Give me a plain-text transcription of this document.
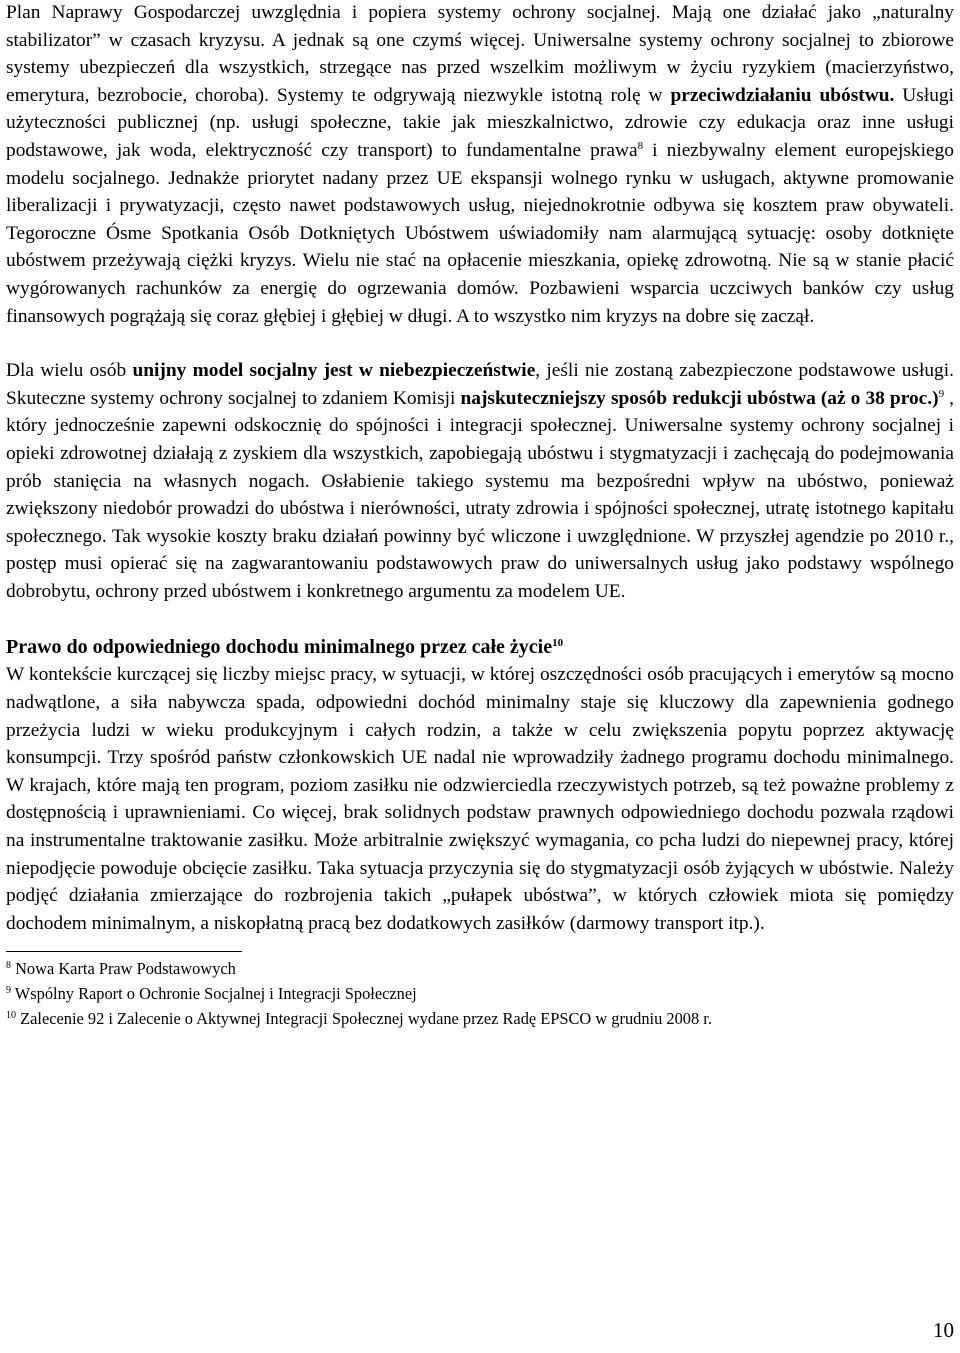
Plan Naprawy Gospodarczej uwzględnia i popiera systemy ochrony socjalnej. Mają one działać jako „naturalny stabilizator” w czasach kryzysu. A jednak są one czymś więcej. Uniwersalne systemy ochrony socjalnej to zbiorowe systemy ubezpieczeń dla wszystkich, strzegące nas przed wszelkim możliwym w życiu ryzykiem (macierzyństwo, emerytura, bezrobocie, choroba). Systemy te odgrywają niezwykle istotną rolę w przeciwdziałaniu ubóstwu. Usługi użyteczności publicznej (np. usługi społeczne, takie jak mieszkalnictwo, zdrowie czy edukacja oraz inne usługi podstawowe, jak woda, elektryczność czy transport) to fundamentalne prawa$^8$ i niezbywalny element europejskiego modelu socjalnego. Jednakże priorytet nadany przez UE ekspansji wolnego rynku w usługach, aktywne promowanie liberalizacji i prywatyzacji, często nawet podstawowych usług, niejednokrotnie odbywa się kosztem praw obywateli. Tegoroczne Ósme Spotkania Osób Dotkniętych Ubóstwem uświadomiły nam alarmującą sytuację: osoby dotknięte ubóstwem przeżywają ciężki kryzys. Wielu nie stać na opłacenie mieszkania, opiekę zdrowotną. Nie są w stanie płacić wygórowanych rachunków za energię do ogrzewania domów. Pozbawieni wsparcia uczciwych banków czy usług finansowych pogrążają się coraz głębiej i głębiej w długi. A to wszystko nim kryzys na dobre się zaczął.

Dla wielu osób unijny model socjalny jest w niebezpieczeństwie, jeśli nie zostaną zabezpieczone podstawowe usługi. Skuteczne systemy ochrony socjalnej to zdaniem Komisji najskuteczniejszy sposób redukcji ubóstwa (aż o 38 proc.)$^9$ , który jednocześnie zapewni odskocznię do spójności i integracji społecznej. Uniwersalne systemy ochrony socjalnej i opieki zdrowotnej działają z zyskiem dla wszystkich, zapobiegają ubóstwu i stygmatyzacji i zachęcają do podejmowania prób stanięcia na własnych nogach. Osłabienie takiego systemu ma bezpośredni wpływ na ubóstwo, ponieważ zwiększony niedobór prowadzi do ubóstwa i nierówności, utraty zdrowia i spójności społecznej, utratę istotnego kapitału społecznego. Tak wysokie koszty braku działań powinny być wliczone i uwzględnione. W przyszłej agendzie po 2010 r., postęp musi opierać się na zagwarantowaniu podstawowych praw do uniwersalnych usług jako podstawy wspólnego dobrobytu, ochrony przed ubóstwem i konkretnego argumentu za modelem UE.

Prawo do odpowiedniego dochodu minimalnego przez całe życie$^{10}$

W kontekście kurczącej się liczby miejsc pracy, w sytuacji, w której oszczędności osób pracujących i emerytów są mocno nadwątlone, a siła nabywcza spada, odpowiedni dochód minimalny staje się kluczowy dla zapewnienia godnego przeżycia ludzi w wieku produkcyjnym i całych rodzin, a także w celu zwiększenia popytu poprzez aktywację konsumpcji. Trzy spośród państw członkowskich UE nadal nie wprowadziły żadnego programu dochodu minimalnego. W krajach, które mają ten program, poziom zasiłku nie odzwierciedla rzeczywistych potrzeb, są też poważne problemy z dostępnością i uprawnieniami. Co więcej, brak solidnych podstaw prawnych odpowiedniego dochodu pozwala rządowi na instrumentalne traktowanie zasiłku. Może arbitralnie zwiększyć wymagania, co pcha ludzi do niepewnej pracy, której niepodjęcie powoduje obcięcie zasiłku. Taka sytuacja przyczynia się do stygmatyzacji osób żyjących w ubóstwie. Należy podjęć działania zmierzające do rozbrojenia takich „pułapek ubóstwa”, w których człowiek miota się pomiędzy dochodem minimalnym, a niskopłatną pracą bez dodatkowych zasiłków (darmowy transport itp.).

$^8$ Nowa Karta Praw Podstawowych

$^9$ Wspólny Raport o Ochronie Socjalnej i Integracji Społecznej

$^{10}$ Zalecenie 92 i Zalecenie o Aktywnej Integracji Społecznej wydane przez Radę EPSCO w grudniu 2008 r.

10
